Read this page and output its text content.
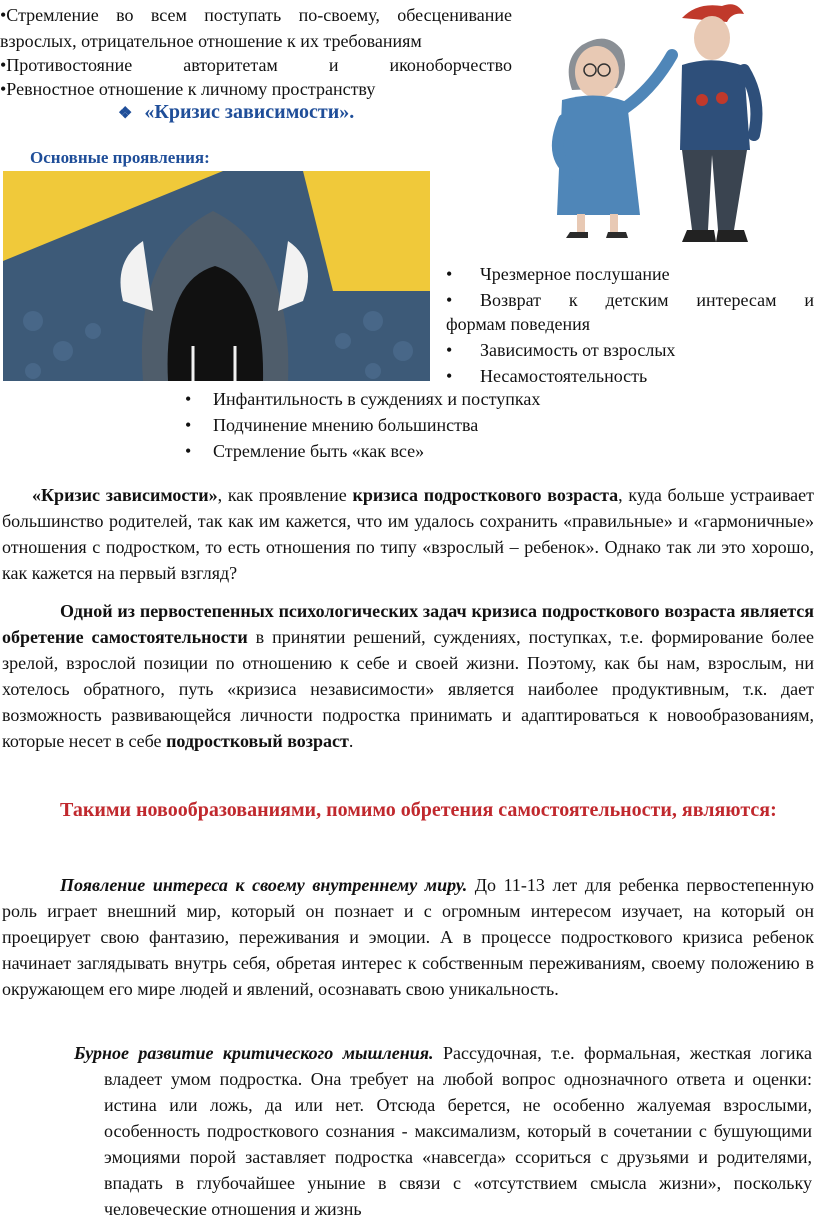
•Стремление во всем поступать по-своему, обесценивание
взрослых, отрицательное отношение к их требованиям
•Противостояние авторитетам и иконоборчество
•Ревностное отношение к личному пространству
❖ «Кризис зависимости».
Основные проявления:
• Чрезмерное послушание
• Возврат к детским интересам и
формам поведения
• Зависимость от взрослых
• Несамостоятельность
• Инфантильность в суждениях и поступках
• Подчинение мнению большинства
• Стремление быть «как все»
«Кризис зависимости», как проявление кризиса подросткового возраста, куда больше устраивает большинство родителей, так как им кажется, что им удалось сохранить «правильные» и «гармоничные» отношения с подростком, то есть отношения по типу «взрослый – ребенок». Однако так ли это хорошо, как кажется на первый взгляд?
Одной из первостепенных психологических задач кризиса подросткового возраста является обретение самостоятельности в принятии решений, суждениях, поступках, т.е. формирование более зрелой, взрослой позиции по отношению к себе и своей жизни. Поэтому, как бы нам, взрослым, ни хотелось обратного, путь «кризиса независимости» является наиболее продуктивным, т.к. дает возможность развивающейся личности подростка принимать и адаптироваться к новообразованиям, которые несет в себе подростковый возраст.
Такими новообразованиями, помимо обретения самостоятельности, являются:
Появление интереса к своему внутреннему миру. До 11-13 лет для ребенка первостепенную роль играет внешний мир, который он познает и с огромным интересом изучает, на который он проецирует свою фантазию, переживания и эмоции. А в процессе подросткового кризиса ребенок начинает заглядывать внутрь себя, обретая интерес к собственным переживаниям, своему положению в окружающем его мире людей и явлений, осознавать свою уникальность.
Бурное развитие критического мышления. Рассудочная, т.е. формальная, жесткая логика владеет умом подростка. Она требует на любой вопрос однозначного ответа и оценки: истина или ложь, да или нет. Отсюда берется, не особенно жалуемая взрослыми, особенность подросткового сознания - максимализм, который в сочетании с бушующими эмоциями порой заставляет подростка «навсегда» ссориться с друзьями и родителями, впадать в глубочайшее уныние в связи с «отсутствием смысла жизни», поскольку человеческие отношения и жизнь
